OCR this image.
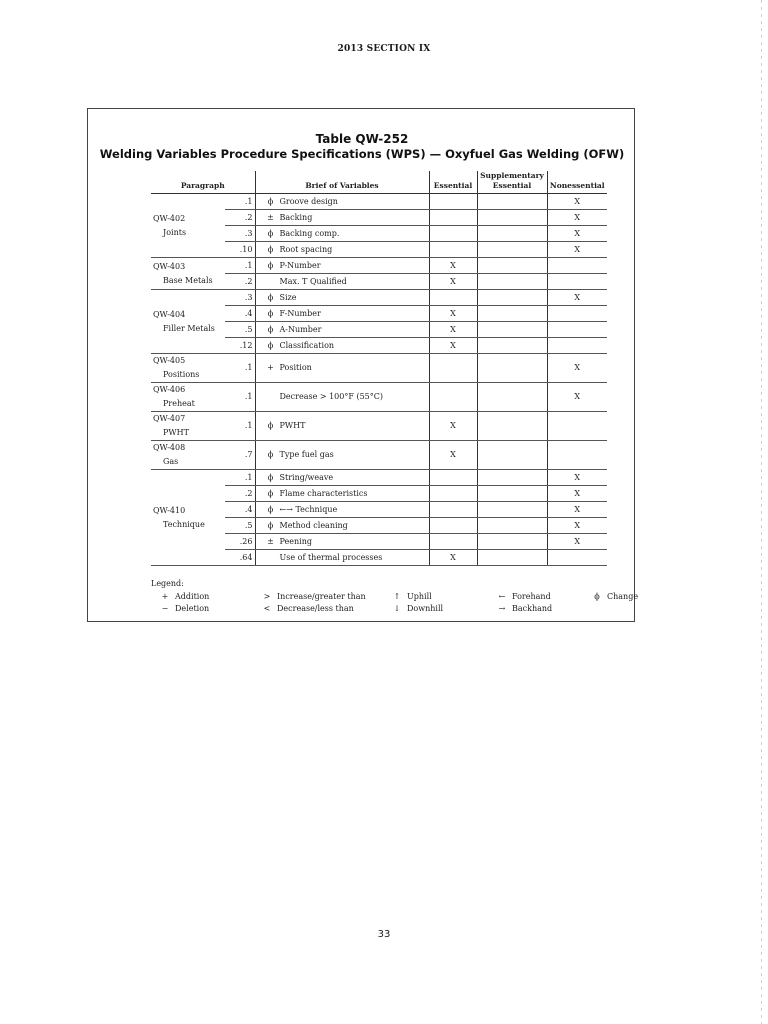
2013 SECTION IX
Table QW-252
Welding Variables Procedure Specifications (WPS) — Oxyfuel Gas Welding (OFW)
Paragraph		Brief of Variables	Essential	Supplementary Essential	Nonessential

QW-402
Joints	.1	ϕ Groove design			X
	.2	± Backing			X
	.3	ϕ Backing comp.			X
	.10	ϕ Root spacing			X

QW-403
Base Metals	.1	ϕ P-Number	X		
	.2	Max. T Qualified	X		

QW-404
Filler Metals	.3	ϕ Size			X
	.4	ϕ F-Number	X		
	.5	ϕ A-Number	X		
	.12	ϕ Classification	X		

QW-405
Positions	.1	+ Position			X

QW-406
Preheat	.1	Decrease > 100°F (55°C)			X

QW-407
PWHT	.1	ϕ PWHT	X		

QW-408
Gas	.7	ϕ Type fuel gas	X		

QW-410
Technique	.1	ϕ String/weave			X
	.2	ϕ Flame characteristics			X
	.4	ϕ ←→ Technique			X
	.5	ϕ Method cleaning			X
	.26	± Peening			X
	.64	Use of thermal processes	X		
Legend:
+ Addition
− Deletion
> Increase/greater than
< Decrease/less than
↑ Uphill
↓ Downhill
← Forehand
→ Backhand
ϕ Change
33
